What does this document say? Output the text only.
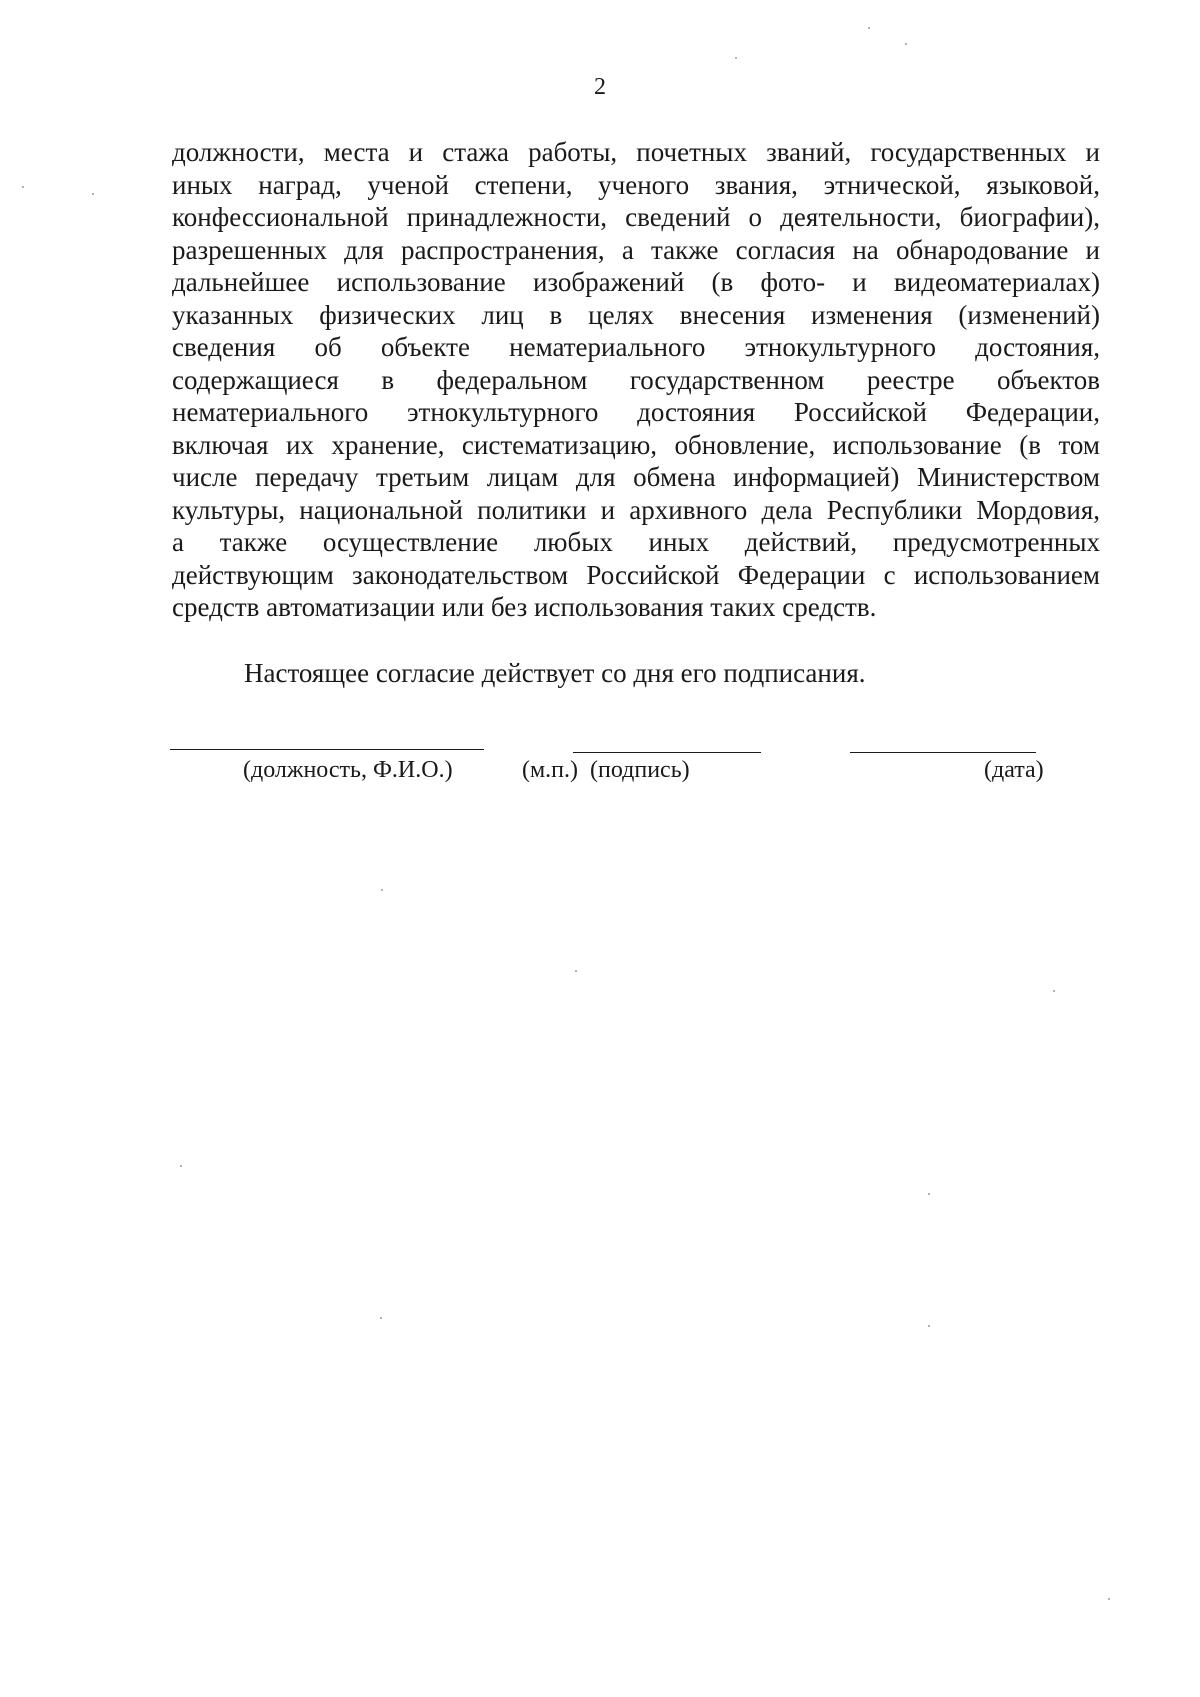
2
должности, места и стажа работы, почетных званий, государственных и
иных наград, ученой степени, ученого звания, этнической, языковой,
конфессиональной принадлежности, сведений о деятельности, биографии),
разрешенных для распространения, а также согласия на обнародование и
дальнейшее использование изображений (в фото- и видеоматериалах)
указанных физических лиц в целях внесения изменения (изменений)
сведения об объекте нематериального этнокультурного достояния,
содержащиеся в федеральном государственном реестре объектов
нематериального этнокультурного достояния Российской Федерации,
включая их хранение, систематизацию, обновление, использование (в том
числе передачу третьим лицам для обмена информацией) Министерством
культуры, национальной политики и архивного дела Республики Мордовия,
а также осуществление любых иных действий, предусмотренных
действующим законодательством Российской Федерации с использованием
средств автоматизации или без использования таких средств.
Настоящее согласие действует со дня его подписания.
(должность, Ф.И.О.)	(м.п.) (подпись)	(дата)
